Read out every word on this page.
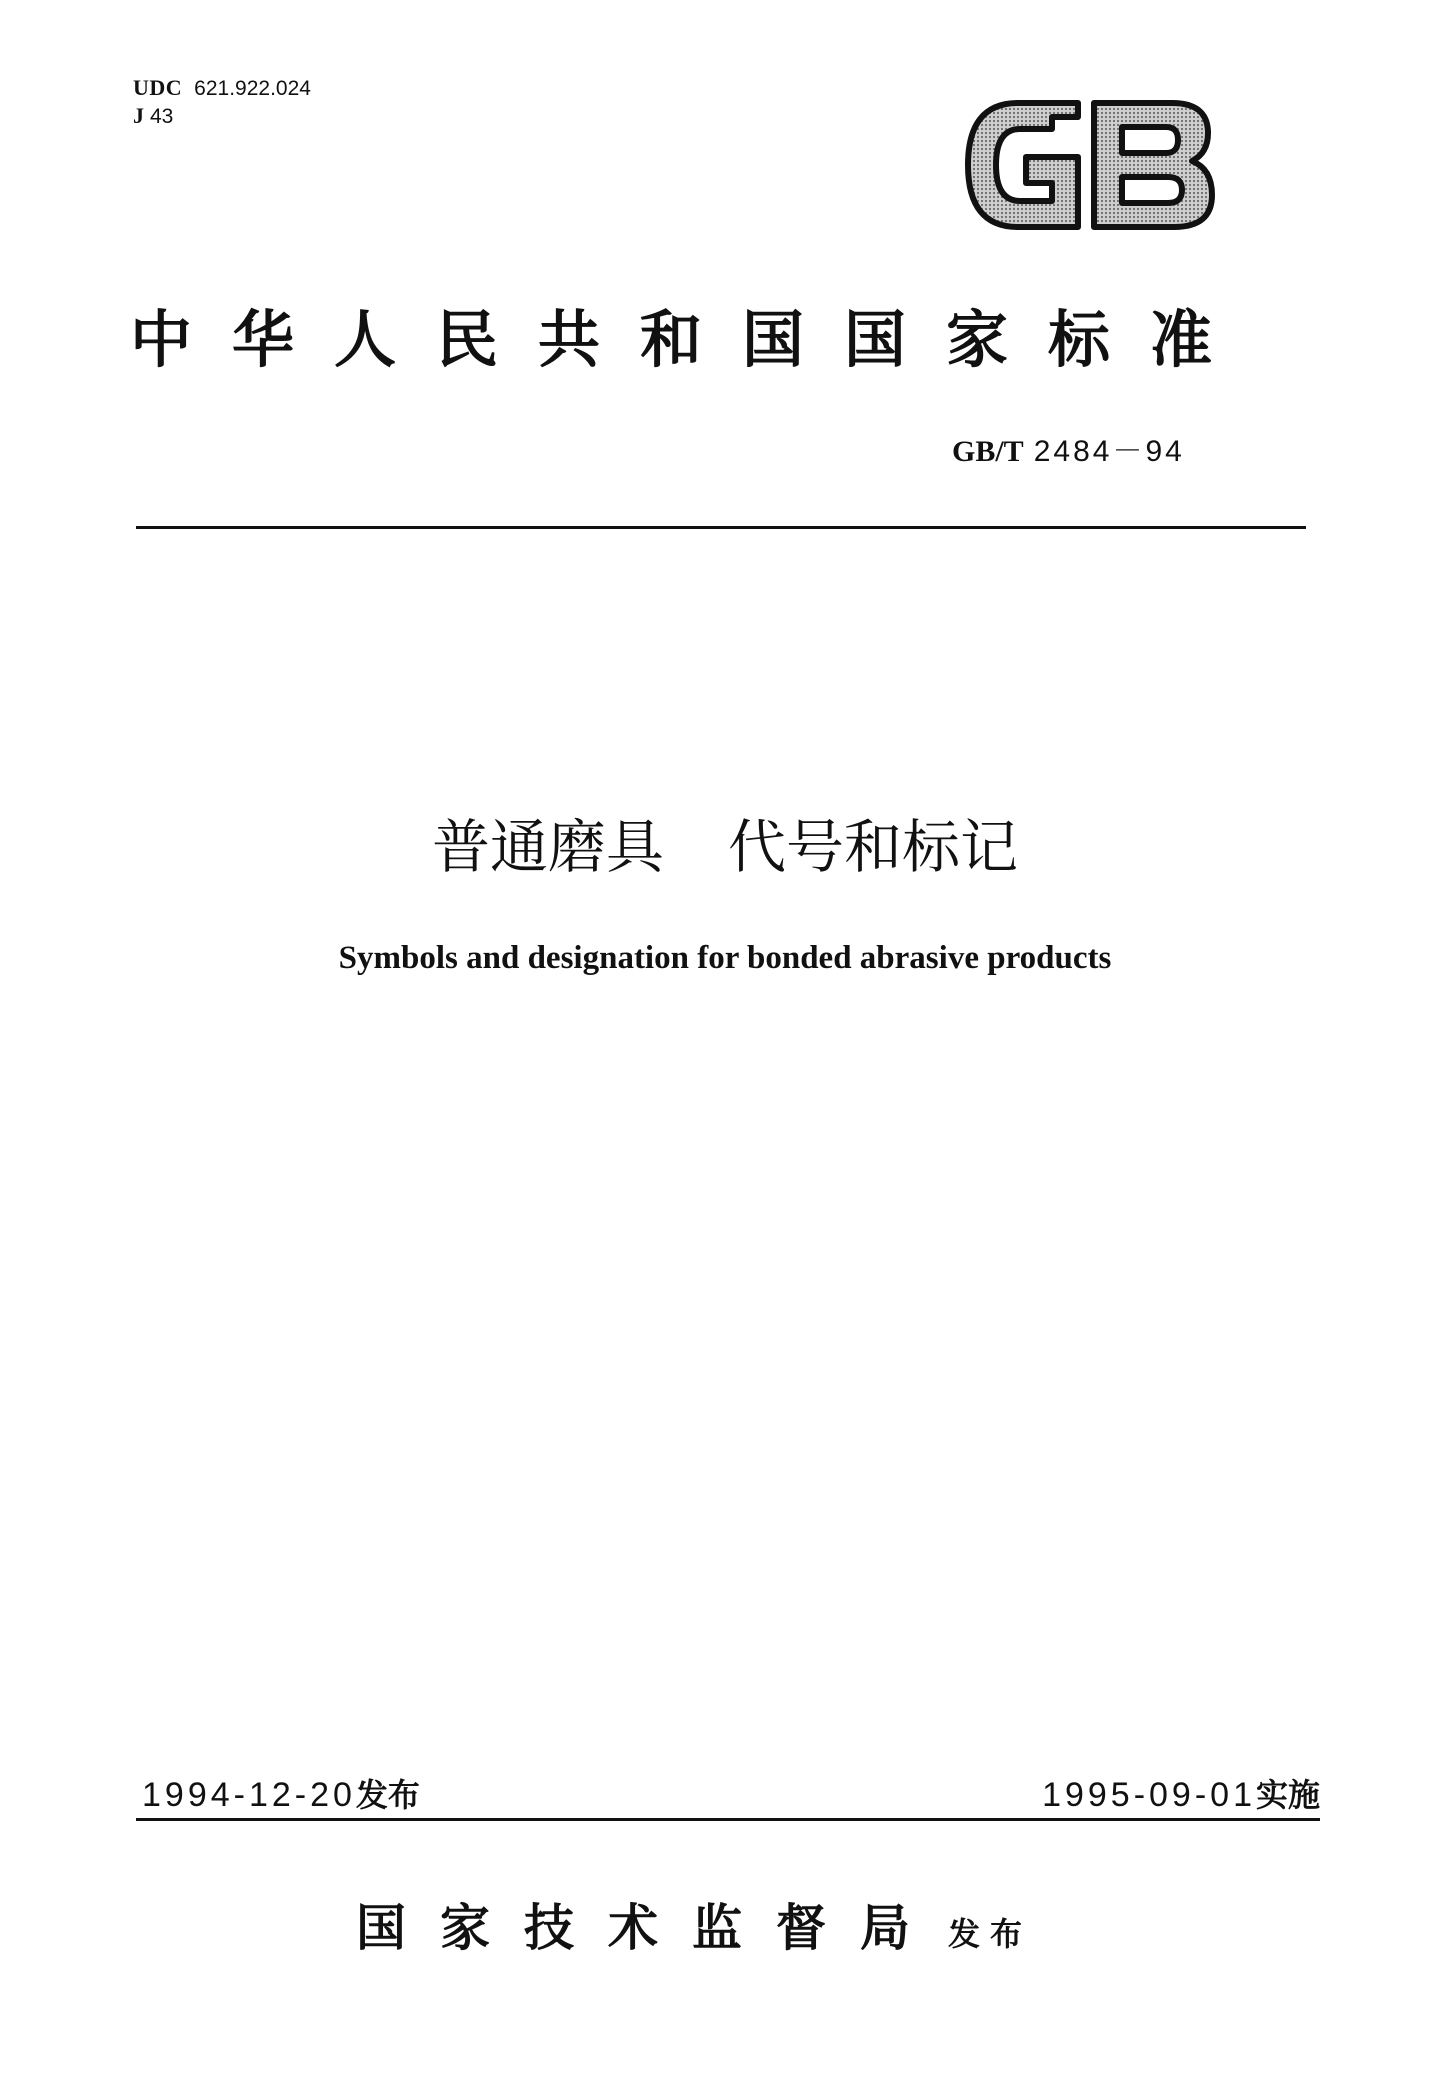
UDC 621.922.024
J 43
中华人民共和国国家标准
GB/T 2484－94
普通磨具 代号和标记
Symbols and designation for bonded abrasive products
1994-12-20发布	1995-09-01实施
国家技术监督局 发布
